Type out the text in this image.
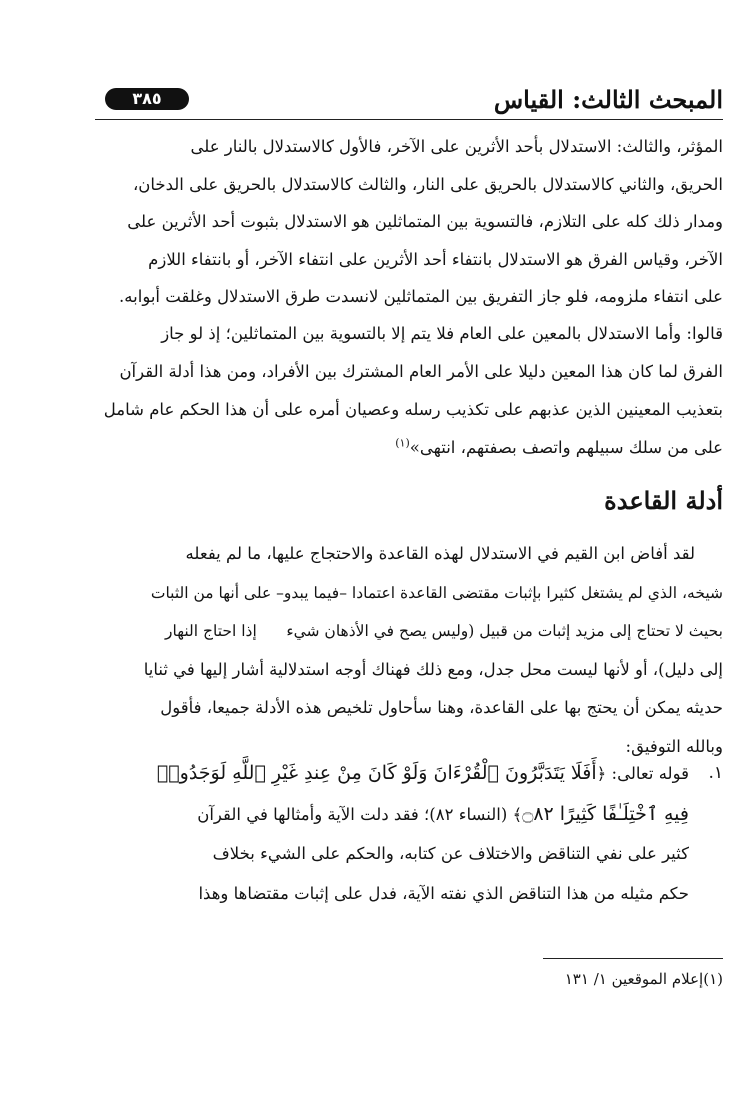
المبحث الثالث: القياس
٣٨٥

المؤثر، والثالث: الاستدلال بأحد الأثرين على الآخر، فالأول كالاستدلال بالنار على
الحريق، والثاني كالاستدلال بالحريق على النار، والثالث كالاستدلال بالحريق على الدخان،
ومدار ذلك كله على التلازم، فالتسوية بين المتماثلين هو الاستدلال بثبوت أحد الأثرين على
الآخر، وقياس الفرق هو الاستدلال بانتفاء أحد الأثرين على انتفاء الآخر، أو بانتفاء اللازم
على انتفاء ملزومه، فلو جاز التفريق بين المتماثلين لانسدت طرق الاستدلال وغلقت أبوابه.

قالوا: وأما الاستدلال بالمعين على العام فلا يتم إلا بالتسوية بين المتماثلين؛ إذ لو جاز
الفرق لما كان هذا المعين دليلا على الأمر العام المشترك بين الأفراد، ومن هذا أدلة القرآن
بتعذيب المعينين الذين عذبهم على تكذيب رسله وعصيان أمره على أن هذا الحكم عام شامل
على من سلك سبيلهم واتصف بصفتهم، انتهى»$^{(١)}$

أدلة القاعدة

لقد أفاض ابن القيم في الاستدلال لهذه القاعدة والاحتجاج عليها، ما لم يفعله
شيخه، الذي لم يشتغل كثيرا بإثبات مقتضى القاعدة اعتمادا –فيما يبدو– على أنها من الثبات
بحيث لا تحتاج إلى مزيد إثبات من قبيل (وليس يصح في الأذهان شيء      إذا احتاج النهار
إلى دليل)، أو لأنها ليست محل جدل، ومع ذلك فهناك أوجه استدلالية أشار إليها في ثنايا
حديثه يمكن أن يحتج بها على القاعدة، وهنا سأحاول تلخيص هذه الأدلة جميعا، فأقول
وبالله التوفيق:

١.
قوله تعالى: ﴿أَفَلَا يَتَدَبَّرُونَ ٱلْقُرْءَانَ وَلَوْ كَانَ مِنْ عِندِ غَيْرِ ٱللَّهِ لَوَجَدُوا۟
فِيهِ ٱخْتِلَـٰفًا كَثِيرًا ۝٨٢﴾ (النساء ٨٢)؛ فقد دلت الآية وأمثالها في القرآن
كثير على نفي التناقض والاختلاف عن كتابه، والحكم على الشيء بخلاف
حكم مثيله من هذا التناقض الذي نفته الآية، فدل على إثبات مقتضاها وهذا

(١)إعلام الموقعين ١/ ١٣١
